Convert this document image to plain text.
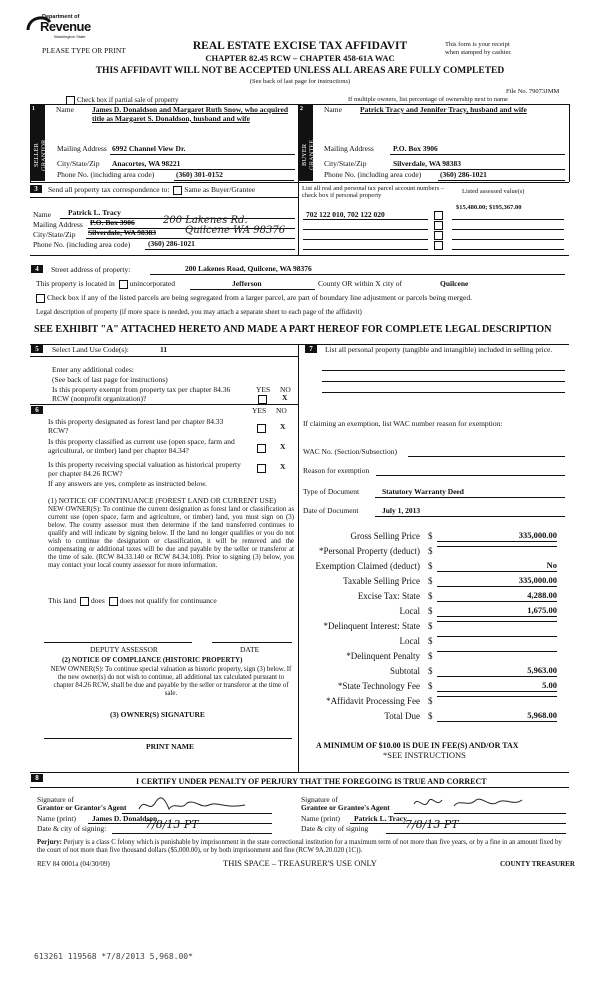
Department of
Revenue
Washington State
PLEASE TYPE OR PRINT	REAL ESTATE EXCISE TAX AFFIDAVIT
CHAPTER 82.45 RCW – CHAPTER 458-61A WAC
This form is your receipt
when stamped by cashier.
THIS AFFIDAVIT WILL NOT BE ACCEPTED UNLESS ALL AREAS ARE FULLY COMPLETED
(See back of last page for instructions)
File No. 79073JMM
Check box if partial sale of property	If multiple owners, list percentage of ownership next to name
1
SELLER GRANTOR
Name James D. Donaldson and Margaret Ruth Snow, who acquired title as Margaret S. Donaldson, husband and wife
Mailing Address 6992 Channel View Dr.
City/State/Zip Anacortes, WA 98221
Phone No. (including area code)	(360) 301-0152
2
BUYER GRANTEE
Name Patrick Tracy and Jennifer Tracy, husband and wife
Mailing Address	P.O. Box 3906
City/State/Zip	Silverdale, WA 98383
Phone No. (including area code) (360) 286-1021
3	Send all property tax correspondence to: Same as Buyer/Grantee	List all real and personal tax parcel account numbers – check box if personal property
Listed assessed value(s)
$15,480.00; $195,367.00
Name Patrick L. Tracy
Mailing Address P.O. Box 3906	200 Lakenes Rd.
City/State/Zip Silverdale, WA 98383	Quilcene WA 98376
Phone No. (including area code) (360) 286-1021
702 122 010, 702 122 020
4	Street address of property:	200 Lakenes Road, Quilcene, WA 98376
This property is located in unincorporated	Jefferson	County OR within X city of	Quilcene
Check box if any of the listed parcels are being segregated from a larger parcel, are part of boundary line adjustment or parcels being merged.
Legal description of property (if more space is needed, you may attach a separate sheet to each page of the affidavit)
SEE EXHIBIT "A" ATTACHED HERETO AND MADE A PART HEREOF FOR COMPLETE LEGAL DESCRIPTION
5	Select Land Use Code(s):	11
Enter any additional codes:
(See back of last page for instructions)
Is this property exempt from property tax per chapter 84.36 RCW (nonprofit organization)?
YES NO
X
6	YES NO
Is this property designated as forest land per chapter 84.33 RCW?	X
Is this property classified as current use (open space, farm and agricultural, or timber) land per chapter 84.34?	X
Is this property receiving special valuation as historical property per chapter 84.26 RCW?
X
If any answers are yes, complete as instructed below.
(1) NOTICE OF CONTINUANCE (FOREST LAND OR CURRENT USE)
NEW OWNER(S): To continue the current designation as forest land or classification as current use (open space, farm and agriculture, or timber) land, you must sign on (3) below. The county assessor must then determine if the land transferred continues to qualify and will indicate by signing below. If the land no longer qualifies or you do not wish to continue the designation or classification, it will be removed and the compensating or additional taxes will be due and payable by the seller or transferor at the time of sale. (RCW 84.33.140 or RCW 84.34.108). Prior to signing (3) below, you may contact your local county assessor for more information.
This land does does not qualify for continuance
DEPUTY ASSESSOR	DATE
(2) NOTICE OF COMPLIANCE (HISTORIC PROPERTY)
NEW OWNER(S): To continue special valuation as historic property, sign (3) below. If the new owner(s) do not wish to continue, all additional tax calculated pursuant to chapter 84.26 RCW, shall be due and payable by the seller or transferor at the time of sale.
(3) OWNER(S) SIGNATURE
PRINT NAME
7	List all personal property (tangible and intangible) included in selling price.
If claiming an exemption, list WAC number reason for exemption:
WAC No. (Section/Subsection)
Reason for exemption
Type of Document	Statutory Warranty Deed
Date of Document	July 1, 2013
Gross Selling Price $	335,000.00
*Personal Property (deduct) $
Exemption Claimed (deduct) $	No
Taxable Selling Price $	335,000.00
Excise Tax: State $	4,288.00
Local $	1,675.00
*Delinquent Interest: State $
Local $
*Delinquent Penalty $
Subtotal $	5,963.00
*State Technology Fee $	5.00
*Affidavit Processing Fee $
Total Due $	5,968.00
A MINIMUM OF $10.00 IS DUE IN FEE(S) AND/OR TAX
*SEE INSTRUCTIONS
8	I CERTIFY UNDER PENALTY OF PERJURY THAT THE FOREGOING IS TRUE AND CORRECT
Signature of
Grantor or Grantor's Agent
Name (print) James D. Donaldson
Date & city of signing:	7/8/13 PT
Signature of
Grantee or Grantee's Agent
Name (print) Patrick L. Tracy
Date & city of signing	7/8/13 PT
Perjury: Perjury is a class C felony which is punishable by imprisonment in the state correctional institution for a maximum term of not more than five years, or by a fine in an amount fixed by the court of not more than five thousand dollars ($5,000.00), or by both imprisonment and fine (RCW 9A.20.020 (1C)).
REV 84 0001a (04/30/09)	THIS SPACE – TREASURER'S USE ONLY	COUNTY TREASURER
613261 119568 *7/8/2013 5,968.00*
